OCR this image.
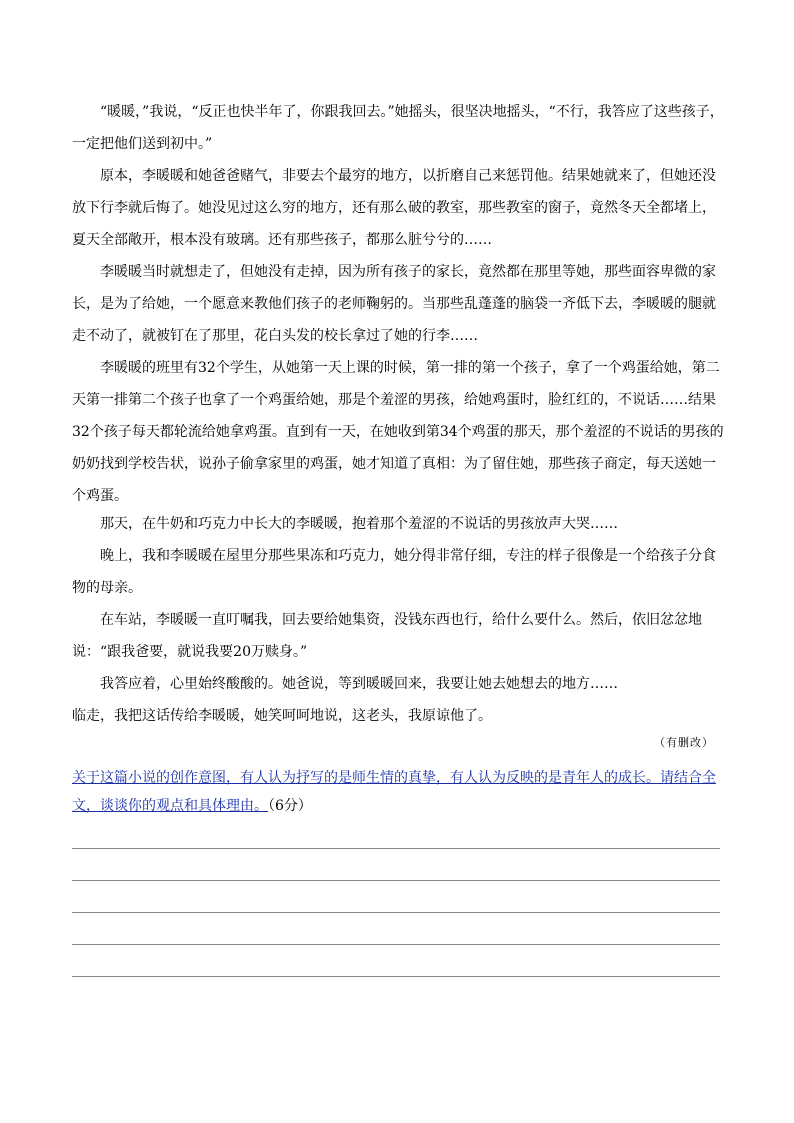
“暖暖，”我说，“反正也快半年了，你跟我回去。”她摇头，很坚决地摇头，“不行，我答应了这些孩子，一定把他们送到初中。”

原本，李暖暖和她爸爸赌气，非要去个最穷的地方，以折磨自己来惩罚他。结果她就来了，但她还没放下行李就后悔了。她没见过这么穷的地方，还有那么破的教室，那些教室的窗子，竟然冬天全都堵上，夏天全部敞开，根本没有玻璃。还有那些孩子，都那么脏兮兮的……

李暖暖当时就想走了，但她没有走掉，因为所有孩子的家长，竟然都在那里等她，那些面容卑微的家长，是为了给她，一个愿意来教他们孩子的老师鞠躬的。当那些乱蓬蓬的脑袋一齐低下去，李暖暖的腿就走不动了，就被钉在了那里，花白头发的校长拿过了她的行李……

李暖暖的班里有32个学生，从她第一天上课的时候，第一排的第一个孩子，拿了一个鸡蛋给她，第二天第一排第二个孩子也拿了一个鸡蛋给她，那是个羞涩的男孩，给她鸡蛋时，脸红红的，不说话……结果32个孩子每天都轮流给她拿鸡蛋。直到有一天，在她收到第34个鸡蛋的那天，那个羞涩的不说话的男孩的奶奶找到学校告状，说孙子偷拿家里的鸡蛋，她才知道了真相：为了留住她，那些孩子商定，每天送她一个鸡蛋。

那天，在牛奶和巧克力中长大的李暖暖，抱着那个羞涩的不说话的男孩放声大哭……

晚上，我和李暖暖在屋里分那些果冻和巧克力，她分得非常仔细，专注的样子很像是一个给孩子分食物的母亲。

在车站，李暖暖一直叮嘱我，回去要给她集资，没钱东西也行，给什么要什么。然后，依旧忿忿地说：“跟我爸要，就说我要20万赎身。”

我答应着，心里始终酸酸的。她爸说，等到暖暖回来，我要让她去她想去的地方……

临走，我把这话传给李暖暖，她笑呵呵地说，这老头，我原谅他了。

（有删改）

关于这篇小说的创作意图，有人认为抒写的是师生情的真挚，有人认为反映的是青年人的成长。请结合全文，谈谈你的观点和具体理由。（6分）
